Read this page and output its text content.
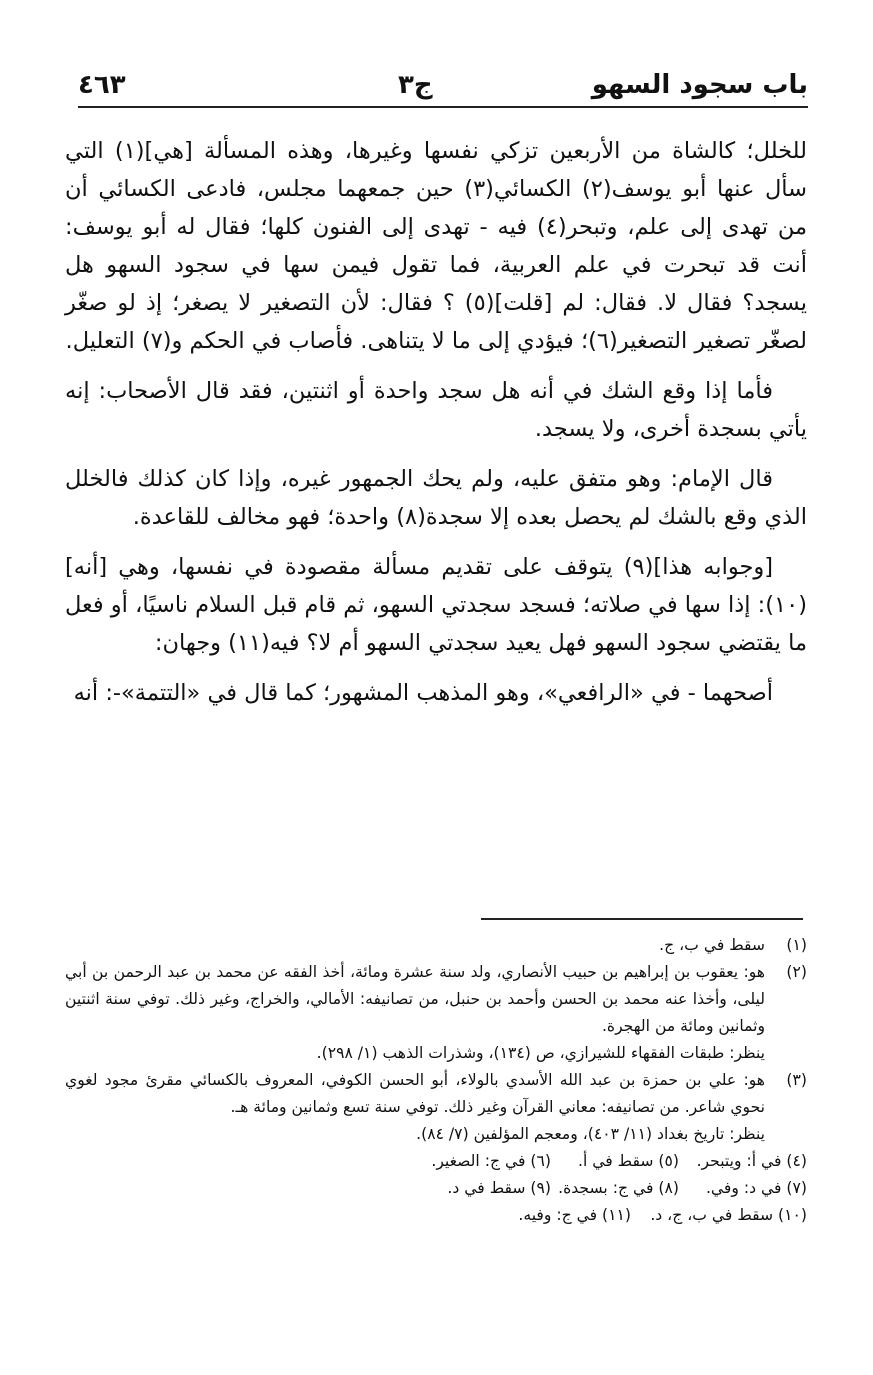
باب سجود السهو
ج٣
٤٦٣

للخلل؛ كالشاة من الأربعين تزكي نفسها وغيرها، وهذه المسألة [هي](١) التي سأل عنها أبو يوسف(٢) الكسائي(٣) حين جمعهما مجلس، فادعى الكسائي أن من تهدى إلى علم، وتبحر(٤) فيه - تهدى إلى الفنون كلها؛ فقال له أبو يوسف: أنت قد تبحرت في علم العربية، فما تقول فيمن سها في سجود السهو هل يسجد؟ فقال لا. فقال: لم [قلت](٥) ؟ فقال: لأن التصغير لا يصغر؛ إذ لو صغّر لصغّر تصغير التصغير(٦)؛ فيؤدي إلى ما لا يتناهى. فأصاب في الحكم و(٧) التعليل.

فأما إذا وقع الشك في أنه هل سجد واحدة أو اثنتين، فقد قال الأصحاب: إنه يأتي بسجدة أخرى، ولا يسجد.

قال الإمام: وهو متفق عليه، ولم يحك الجمهور غيره، وإذا كان كذلك فالخلل الذي وقع بالشك لم يحصل بعده إلا سجدة(٨) واحدة؛ فهو مخالف للقاعدة.

[وجوابه هذا](٩) يتوقف على تقديم مسألة مقصودة في نفسها، وهي [أنه](١٠): إذا سها في صلاته؛ فسجد سجدتي السهو، ثم قام قبل السلام ناسيًا، أو فعل ما يقتضي سجود السهو فهل يعيد سجدتي السهو أم لا؟ فيه(١١) وجهان:

أصحهما - في «الرافعي»، وهو المذهب المشهور؛ كما قال في «التتمة»-: أنه

(١)
سقط في ب، ج.
(٢)
هو: يعقوب بن إبراهيم بن حبيب الأنصاري، ولد سنة عشرة ومائة، أخذ الفقه عن محمد بن عبد الرحمن بن أبي ليلى، وأخذا عنه محمد بن الحسن وأحمد بن حنبل، من تصانيفه: الأمالي، والخراج، وغير ذلك. توفي سنة اثنتين وثمانين ومائة من الهجرة.
ينظر: طبقات الفقهاء للشيرازي، ص (١٣٤)، وشذرات الذهب (١/ ٢٩٨).
(٣)
هو: علي بن حمزة بن عبد الله الأسدي بالولاء، أبو الحسن الكوفي، المعروف بالكسائي مقرئ مجود لغوي نحوي شاعر. من تصانيفه: معاني القرآن وغير ذلك. توفي سنة تسع وثمانين ومائة هـ.
ينظر: تاريخ بغداد (١١/ ٤٠٣)، ومعجم المؤلفين (٧/ ٨٤).
(٤) في أ: ويتبحر.
(٥) سقط في أ.
(٦) في ج: الصغير.
(٧) في د: وفي.
(٨) في ج: بسجدة.
(٩) سقط في د.
(١٠) سقط في ب، ج، د.
(١١) في ج: وفيه.
